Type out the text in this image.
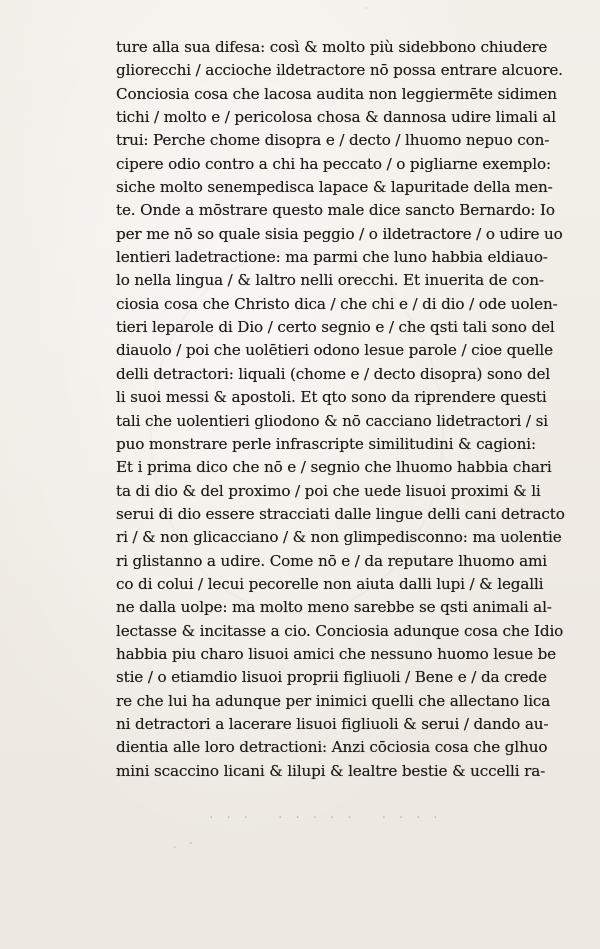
ture alla sua difesa: così & molto più sidebbono chiudere
gliorecchi / accioche ildetractore nō possa entrare alcuore.
Conciosia cosa che lacosa audita non leggiermēte sidimen
tichi / molto e / pericolosa chosa & dannosa udire limali al
trui: Perche chome disopra e / decto / lhuomo nepuo con-
cipere odio contro a chi ha peccato / o pigliarne exemplo:
siche molto senempedisca lapace & lapuritade della men-
te. Onde a mōstrare questo male dice sancto Bernardo: Io
per me nō so quale sisia peggio / o ildetractore / o udire uo
lentieri ladetractione: ma parmi che luno habbia eldiauo-
lo nella lingua / & laltro nelli orecchi. Et inuerita de con-
ciosia cosa che Christo dica / che chi e / di dio / ode uolen-
tieri leparole di Dio / certo segnio e / che qsti tali sono del
diauolo / poi che uolētieri odono lesue parole / cioe quelle
delli detractori: liquali (chome e / decto disopra) sono del
li suoi messi & apostoli. Et qto sono da riprendere questi
tali che uolentieri gliodono & nō cacciano lidetractori / si
puo monstrare perle infrascripte similitudini & cagioni:
Et i prima dico che nō e / segnio che lhuomo habbia chari
ta di dio & del proximo / poi che uede lisuoi proximi & li
serui di dio essere stracciati dalle lingue delli cani detracto
ri / & non glicacciano / & non glimpedisconno: ma uolentie
ri glistanno a udire. Come nō e / da reputare lhuomo ami
co di colui / lecui pecorelle non aiuta dalli lupi / & legalli
ne dalla uolpe: ma molto meno sarebbe se qsti animali al-
lectasse & incitasse a cio. Conciosia adunque cosa che Idio
habbia piu charo lisuoi amici che nessuno huomo lesue be
stie / o etiamdio lisuoi proprii figliuoli / Bene e / da crede
re che lui ha adunque per inimici quelli che allectano lica
ni detractori a lacerare lisuoi figliuoli & serui / dando au-
dientia alle loro detractioni: Anzi cōciosia cosa che glhuo
mini scaccino licani & lilupi & lealtre bestie & uccelli ra-
'
· · ·   · · · · ·   · · · ·
- ˇ
